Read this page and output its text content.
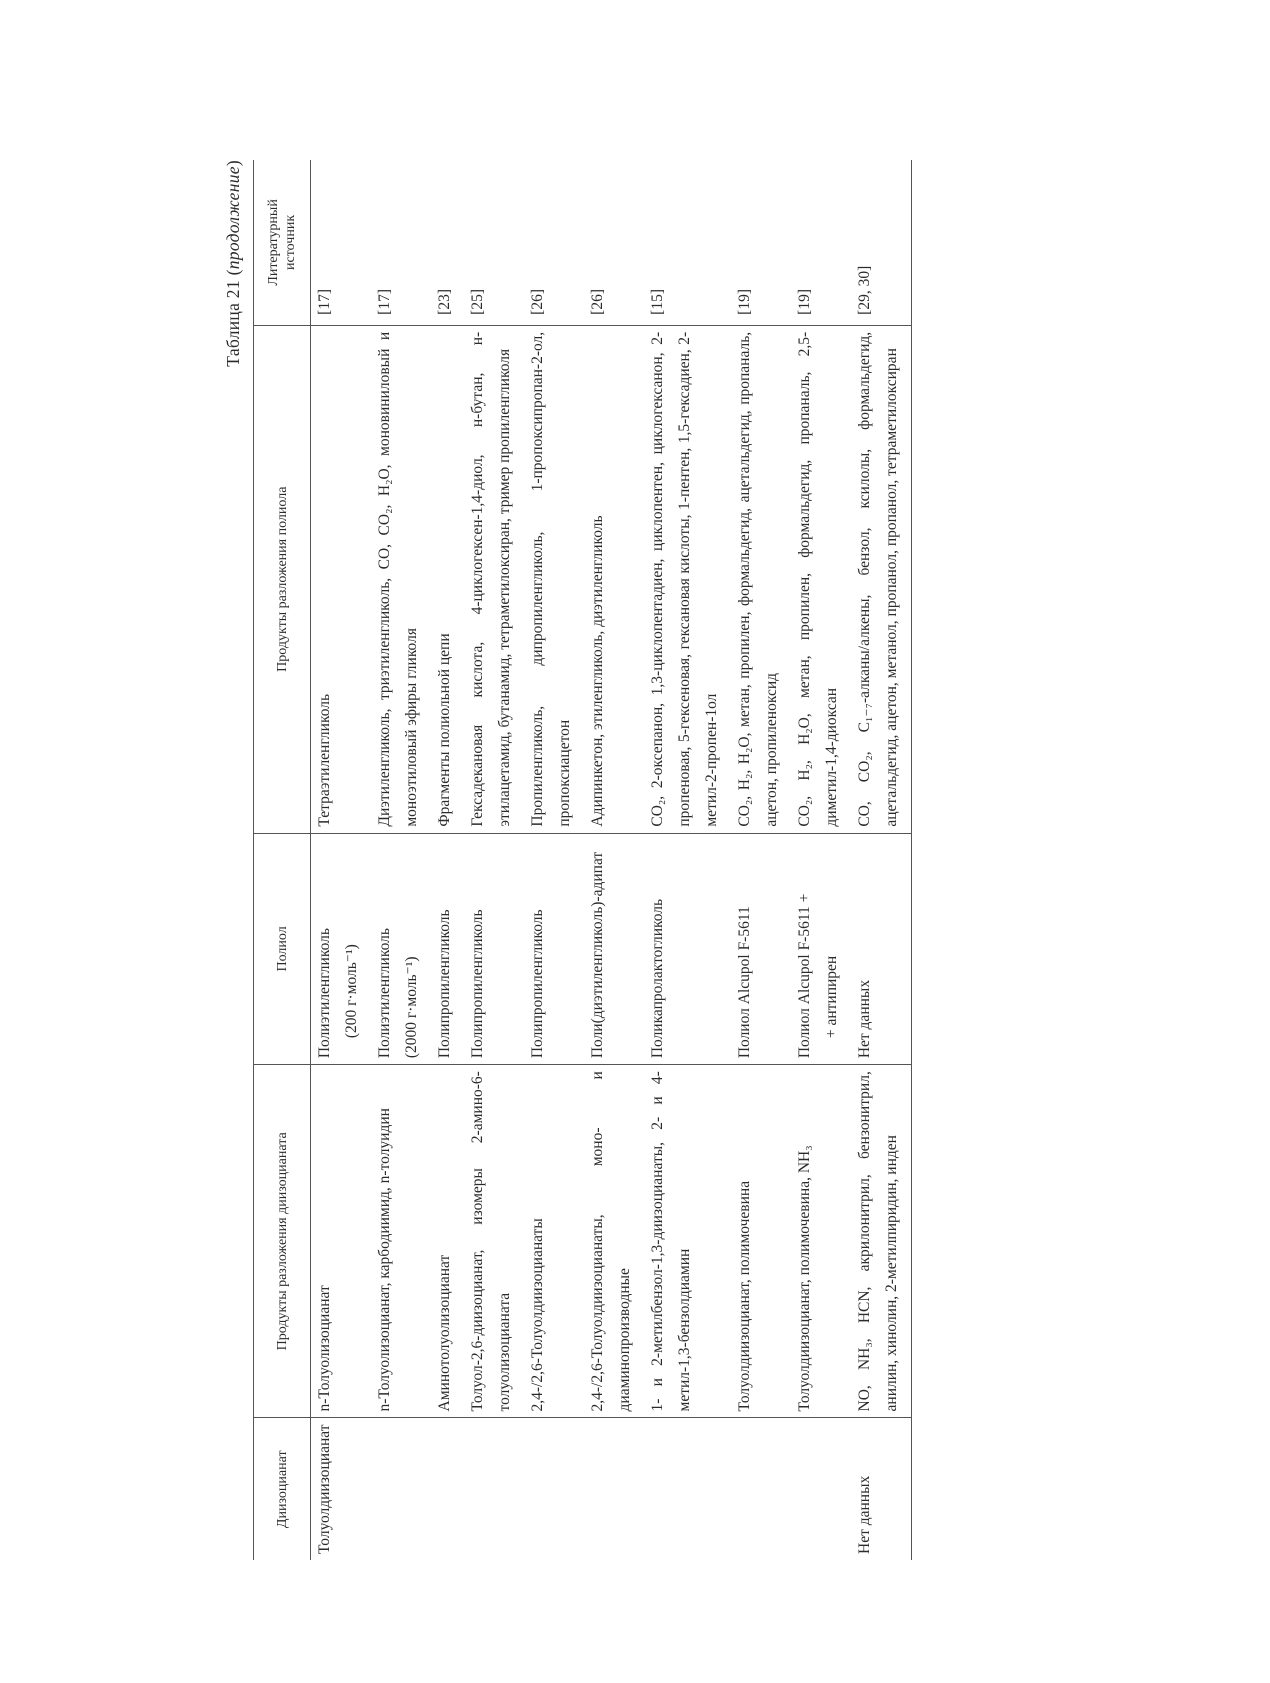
Таблица 21 (продолжение)
Диизоцианат	Продукты разложения диизоцианата	Полиол	Продукты разложения полиола	Литературный источник
Толуолдиизоцианат	n-Толуолизоцианат	Полиэтиленгликоль (200 г·моль⁻¹)	Тетраэтиленгликоль	[17]
	n-Толуолизоцианат, карбодиимид, n-толуидин	Полиэтиленгликоль (2000 г·моль⁻¹)	Диэтиленгликоль, триэтиленгликоль, CO, CO₂, H₂O, моновиниловый и моноэтиловый эфиры гликоля	[17]
	Аминотолуолизоцианат	Полипропиленгликоль	Фрагменты полиольной цепи	[23]
	Толуол-2,6-диизоцианат, изомеры 2-амино-6-толуолизоцианата	Полипропиленгликоль	Гексадекановая кислота, 4-циклогексен-1,4-диол, н-бутан, н-этилацетамид, бутанамид, тетраметилоксиран, тример пропиленгликоля	[25]
	2,4-/2,6-Толуолдиизоцианаты	Полипропиленгликоль	Пропиленгликоль, дипропиленгликоль, 1-пропоксипропан-2-ол, пропоксиацетон	[26]
	2,4-/2,6-Толуолдиизоцианаты, моно- и диаминопроизводные	Поли(диэтиленгликоль)-адипат	Адипинкетон, этиленгликоль, диэтиленгликоль	[26]
	1- и 2-метилбензол-1,3-диизоцианаты, 2- и 4-метил-1,3-бензолдиамин	Поликапролактогликоль	CO₂, 2-оксепанон, 1,3-циклопентадиен, циклопентен, циклогексанон, 2-пропеновая, 5-гексеновая, гексановая кислоты, 1-пентен, 1,5-гексадиен, 2-метил-2-пропен-1ол	[15]
	Толуолдиизоцианат, полимочевина	Полиол Alcupol F-5611	CO₂, H₂, H₂O, метан, пропилен, формальдегид, ацетальдегид, пропаналь, ацетон, пропиленоксид	[19]
	Толуолдиизоцианат, полимочевина, NH₃	Полиол Alcupol F-5611 + + антипирен	CO₂, H₂, H₂O, метан, пропилен, формальдегид, пропаналь, 2,5-диметил-1,4-диоксан	[19]
Нет данных	NO, NH₃, HCN, акрилонитрил, бензонитрил, анилин, хинолин, 2-метилпиридин, инден	Нет данных	CO, CO₂, C₁₋₇-алканы/алкены, бензол, ксилолы, формальдегид, ацетальдегид, ацетон, метанол, пропанол, пропанол, тетраметилоксиран	[29, 30]
